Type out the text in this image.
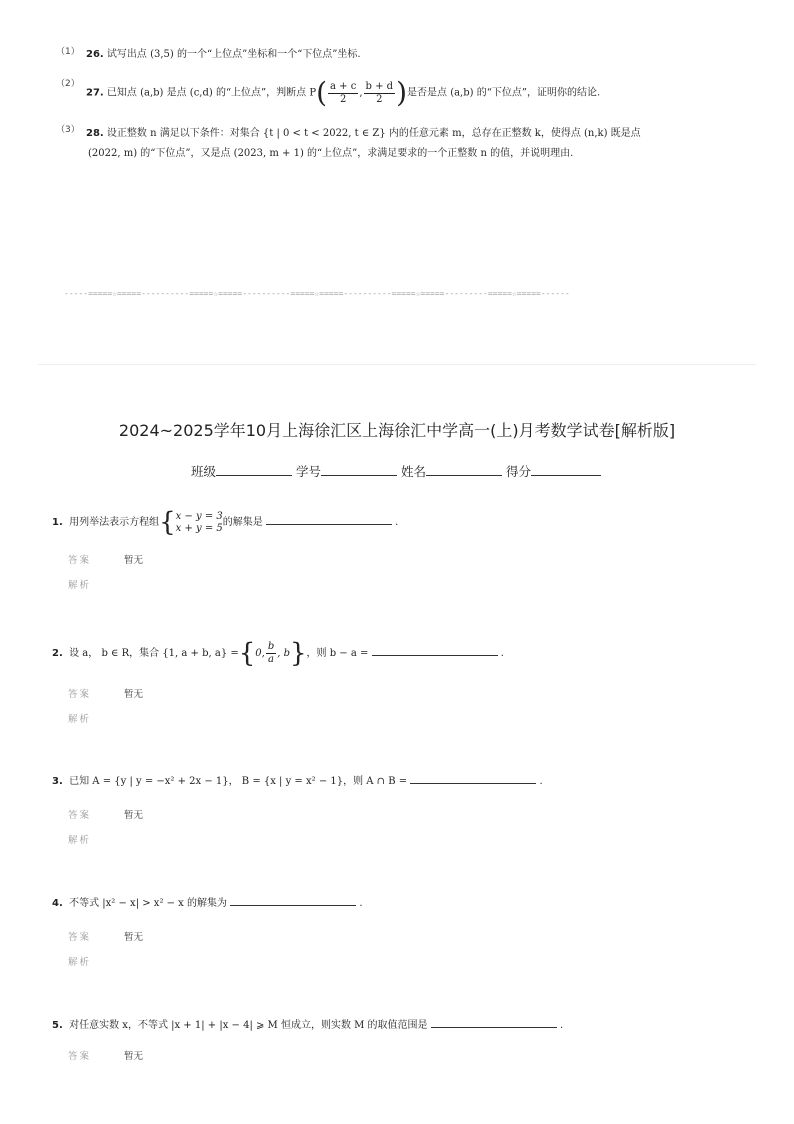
（1） 26. 试写出点 (3,5) 的一个“上位点”坐标和一个“下位点”坐标.
（2）
27. 已知点 (a,b) 是点 (c,d) 的“上位点”，判断点 $P( \frac{a + c}{2}$ , $\frac{b + d}{2}$ )是否是点 (a,b) 的“下位点”，证明你的结论.
（3） 28. 设正整数 n 满足以下条件：对集合 {t | 0 < t < 2022, t ∈ Z} 内的任意元素 m，总存在正整数 k，使得点 (n,k) 既是点
(2022, m) 的“下位点”，又是点 (2023, m + 1) 的“上位点”，求满足要求的一个正整数 n 的值，并说明理由.
-----=====☆=====----------=====☆=====----------=====☆=====----------=====☆=====---------=====☆=====------
2024~2025学年10月上海徐汇区上海徐汇中学高一(上)月考数学试卷[解析版]
班级	学号	姓名	得分
1. 用列举法表示方程组{ x − y = 3
x + y = 5 的解集是	.
答案	暂无
解析
2. 设 a， b ∈ R，集合 {1, a + b, a} ={0, $\frac{b}{a}$ , b}，则 b − a =	.
答案	暂无
解析
3. 已知 A = {y | y = −x² + 2x − 1}， B = {x | y = x² − 1}，则 A ∩ B =	.
答案	暂无
解析
4. 不等式 |x² − x| > x² − x 的解集为	.
答案	暂无
解析
5. 对任意实数 x，不等式 |x + 1| + |x − 4| ⩾ M 恒成立，则实数 M 的取值范围是	.
答案	暂无
